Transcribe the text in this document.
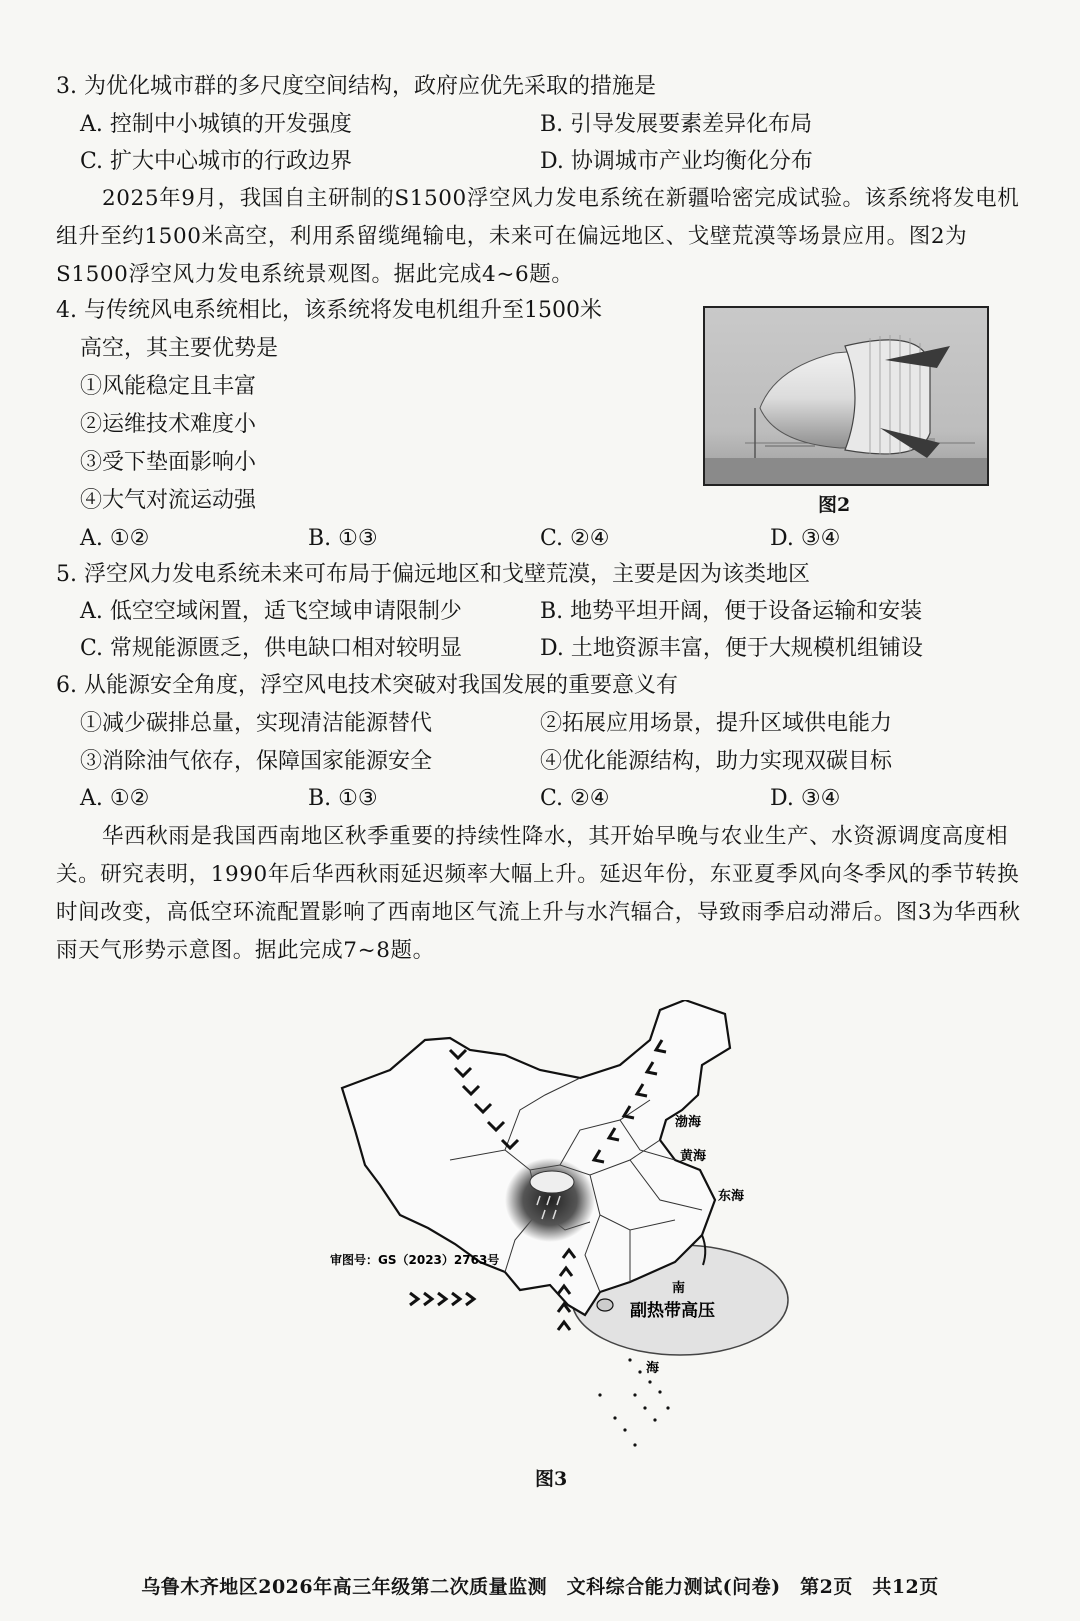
3. 为优化城市群的多尺度空间结构，政府应优先采取的措施是
A. 控制中小城镇的开发强度	B. 引导发展要素差异化布局
C. 扩大中心城市的行政边界	D. 协调城市产业均衡化分布
2025年9月，我国自主研制的S1500浮空风力发电系统在新疆哈密完成试验。该系统将发电机组升至约1500米高空，利用系留缆绳输电，未来可在偏远地区、戈壁荒漠等场景应用。图2为S1500浮空风力发电系统景观图。据此完成4~6题。
4. 与传统风电系统相比，该系统将发电机组升至1500米
高空，其主要优势是
①风能稳定且丰富
②运维技术难度小
③受下垫面影响小
④大气对流运动强	图2
A. ①②	B. ①③	C. ②④	D. ③④
5. 浮空风力发电系统未来可布局于偏远地区和戈壁荒漠，主要是因为该类地区
A. 低空空域闲置，适飞空域申请限制少	B. 地势平坦开阔，便于设备运输和安装
C. 常规能源匮乏，供电缺口相对较明显	D. 土地资源丰富，便于大规模机组铺设
6. 从能源安全角度，浮空风电技术突破对我国发展的重要意义有
①减少碳排总量，实现清洁能源替代	②拓展应用场景，提升区域供电能力
③消除油气依存，保障国家能源安全	④优化能源结构，助力实现双碳目标
A. ①②	B. ①③	C. ②④	D. ③④
华西秋雨是我国西南地区秋季重要的持续性降水，其开始早晚与农业生产、水资源调度高度相关。研究表明，1990年后华西秋雨延迟频率大幅上升。延迟年份，东亚夏季风向冬季风的季节转换时间改变，高低空环流配置影响了西南地区气流上升与水汽辐合，导致雨季启动滞后。图3为华西秋雨天气形势示意图。据此完成7~8题。
审图号：GS（2023）2763号
渤海
黄海
东海
南
海
副热带高压
图3
乌鲁木齐地区2026年高三年级第二次质量监测　文科综合能力测试(问卷)　第2页　共12页
